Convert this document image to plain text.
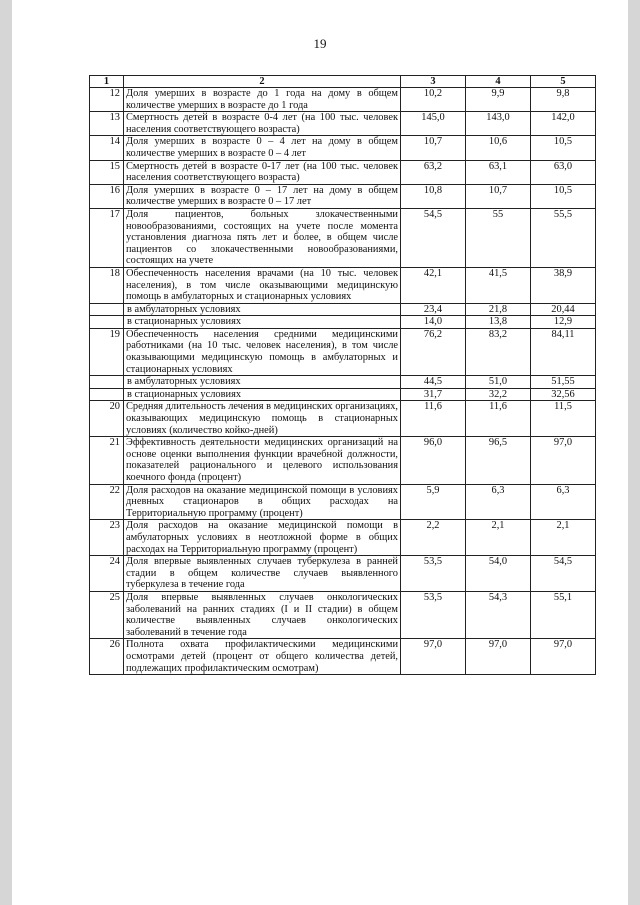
19
1	2	3	4	5
12	Доля умерших в возрасте до 1 года на дому в общем количестве умерших в возрасте до 1 года	10,2	9,9	9,8
13	Смертность детей в возрасте 0-4 лет (на 100 тыс. человек населения соответствующего возраста)	145,0	143,0	142,0
14	Доля умерших в возрасте 0 – 4 лет на дому в общем количестве умерших в возрасте 0 – 4 лет	10,7	10,6	10,5
15	Смертность детей в возрасте 0-17 лет (на 100 тыс. человек населения соответствующего возраста)	63,2	63,1	63,0
16	Доля умерших в возрасте 0 – 17 лет на дому в общем количестве умерших в возрасте 0 – 17 лет	10,8	10,7	10,5
17	Доля пациентов, больных злокачественными новообразованиями, состоящих на учете после момента установления диагноза пять лет и более, в общем числе пациентов со злокачественными новообразованиями, состоящих на учете	54,5	55	55,5
18	Обеспеченность населения врачами (на 10 тыс. человек населения), в том числе оказывающими медицинскую помощь в амбулаторных и стационарных условиях	42,1	41,5	38,9
	в амбулаторных условиях	23,4	21,8	20,44
	в стационарных условиях	14,0	13,8	12,9
19	Обеспеченность населения средними медицинскими работниками (на 10 тыс. человек населения), в том числе оказывающими медицинскую помощь в амбулаторных и стационарных условиях	76,2	83,2	84,11
	в амбулаторных условиях	44,5	51,0	51,55
	в стационарных условиях	31,7	32,2	32,56
20	Средняя длительность лечения в медицинских организациях, оказывающих медицинскую помощь в стационарных условиях (количество койко-дней)	11,6	11,6	11,5
21	Эффективность деятельности медицинских организаций на основе оценки выполнения функции врачебной должности, показателей рационального и целевого использования коечного фонда (процент)	96,0	96,5	97,0
22	Доля расходов на оказание медицинской помощи в условиях дневных стационаров в общих расходах на Территориальную программу (процент)	5,9	6,3	6,3
23	Доля расходов на оказание медицинской помощи в амбулаторных условиях в неотложной форме в общих расходах на Территориальную программу (процент)	2,2	2,1	2,1
24	Доля впервые выявленных случаев туберкулеза в ранней стадии в общем количестве случаев выявленного туберкулеза в течение года	53,5	54,0	54,5
25	Доля впервые выявленных случаев онкологических заболеваний на ранних стадиях (I и II стадии) в общем количестве выявленных случаев онкологических заболеваний в течение года	53,5	54,3	55,1
26	Полнота охвата профилактическими медицинскими осмотрами детей (процент от общего количества детей, подлежащих профилактическим осмотрам)	97,0	97,0	97,0
